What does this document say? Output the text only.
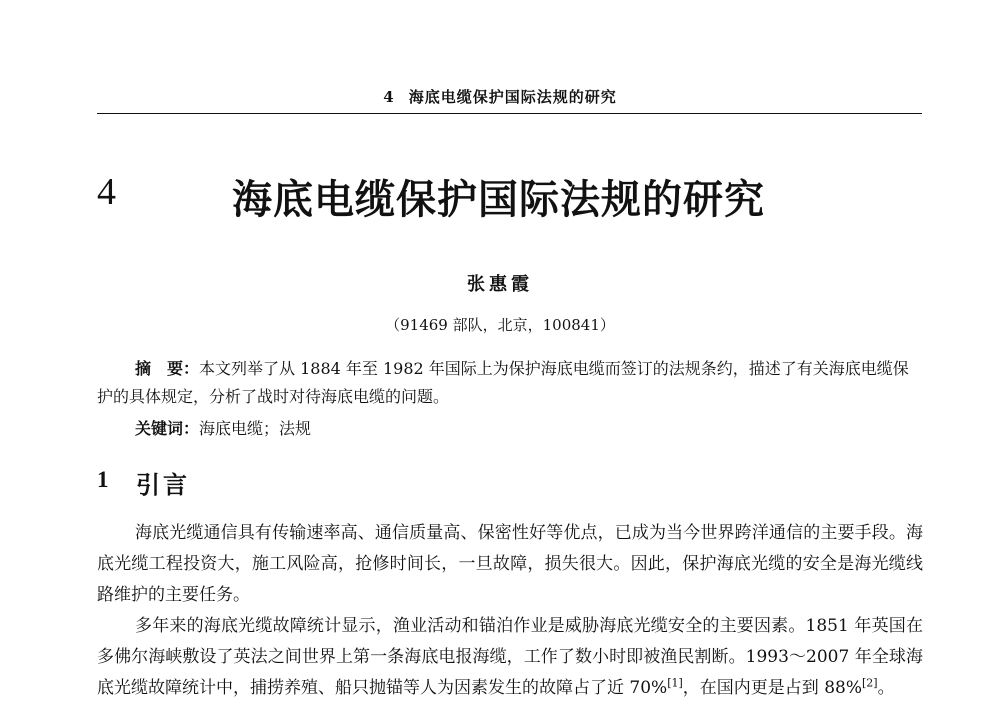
4 海底电缆保护国际法规的研究
4	海底电缆保护国际法规的研究
张惠霞
（91469 部队，北京，100841）
摘　要：本文列举了从 1884 年至 1982 年国际上为保护海底电缆而签订的法规条约，描述了有关海底电缆保护的具体规定，分析了战时对待海底电缆的问题。
关键词：海底电缆；法规
1 引言

海底光缆通信具有传输速率高、通信质量高、保密性好等优点，已成为当今世界跨洋通信的主要手段。海底光缆工程投资大，施工风险高，抢修时间长，一旦故障，损失很大。因此，保护海底光缆的安全是海光缆线路维护的主要任务。

多年来的海底光缆故障统计显示，渔业活动和锚泊作业是威胁海底光缆安全的主要因素。1851 年英国在多佛尔海峡敷设了英法之间世界上第一条海底电报海缆，工作了数小时即被渔民割断。1993～2007 年全球海底光缆故障统计中，捕捞养殖、船只抛锚等人为因素发生的故障占了近 70%[1]，在国内更是占到 88%[2]。
